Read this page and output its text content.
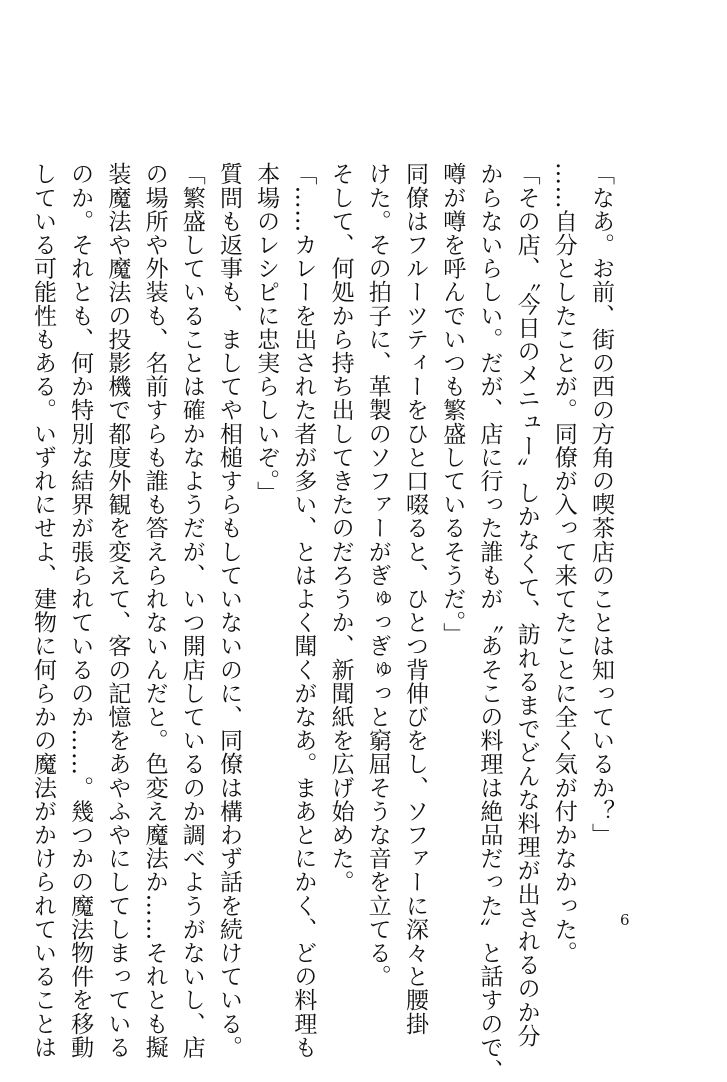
「なあ。お前、街の西の方角の喫茶店のことは知っているか？」
……自分としたことが。同僚が入って来てたことに全く気が付かなかった。
「その店、〝今日のメニュー〟しかなくて、訪れるまでどんな料理が出されるのか分
からないらしい。だが、店に行った誰もが〝あそこの料理は絶品だった〟と話すので、
噂が噂を呼んでいつも繁盛しているそうだ。」
同僚はフルーツティーをひと口啜ると、ひとつ背伸びをし、ソファーに深々と腰掛
けた。その拍子に、革製のソファーがぎゅっぎゅっと窮屈そうな音を立てる。
そして、何処から持ち出してきたのだろうか、新聞紙を広げ始めた。
「……カレーを出された者が多い、とはよく聞くがなあ。まあとにかく、どの料理も
本場のレシピに忠実らしいぞ。」
質問も返事も、ましてや相槌すらもしていないのに、同僚は構わず話を続けている。
「繁盛していることは確かなようだが、いつ開店しているのか調べようがないし、店
の場所や外装も、名前すらも誰も答えられないんだと。色変え魔法か……それとも擬
装魔法や魔法の投影機で都度外観を変えて、客の記憶をあやふやにしてしまっている
のか。それとも、何か特別な結界が張られているのか……。幾つかの魔法物件を移動
している可能性もある。いずれにせよ、建物に何らかの魔法がかけられていることは	6
